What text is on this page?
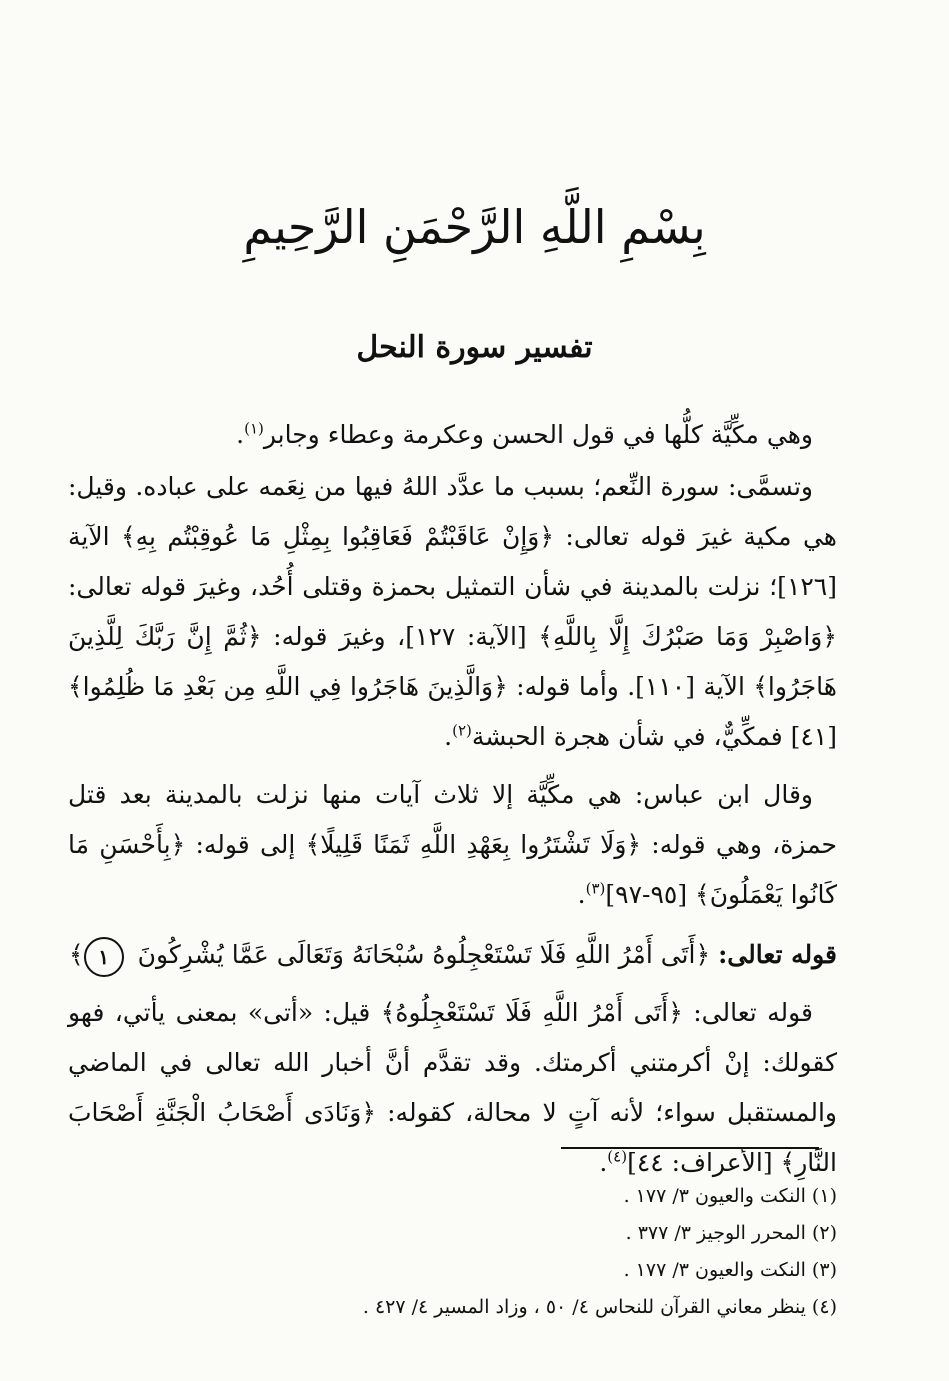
بِسْمِ اللَّهِ الرَّحْمَنِ الرَّحِيمِ
تفسير سورة النحل

وهي مكِّيَّة كلُّها في قول الحسن وعكرمة وعطاء وجابر$^{(١)}$.

وتسمَّى: سورة النِّعم؛ بسبب ما عدَّد اللهُ فيها من نِعَمه على عباده. وقيل: هي مكية غيرَ قوله تعالى: ﴿وَإِنْ عَاقَبْتُمْ فَعَاقِبُوا بِمِثْلِ مَا عُوقِبْتُم بِهِ﴾ الآية [١٢٦]؛ نزلت بالمدينة في شأن التمثيل بحمزة وقتلى أُحُد، وغيرَ قوله تعالى: ﴿وَاصْبِرْ وَمَا صَبْرُكَ إِلَّا بِاللَّهِ﴾ [الآية: ١٢٧]، وغيرَ قوله: ﴿ثُمَّ إِنَّ رَبَّكَ لِلَّذِينَ هَاجَرُوا﴾ الآية [١١٠]. وأما قوله: ﴿وَالَّذِينَ هَاجَرُوا فِي اللَّهِ مِن بَعْدِ مَا ظُلِمُوا﴾ [٤١] فمكِّيٌّ، في شأن هجرة الحبشة$^{(٢)}$.

وقال ابن عباس: هي مكِّيَّة إلا ثلاث آيات منها نزلت بالمدينة بعد قتل حمزة، وهي قوله: ﴿وَلَا تَشْتَرُوا بِعَهْدِ اللَّهِ ثَمَنًا قَلِيلًا﴾ إلى قوله: ﴿بِأَحْسَنِ مَا كَانُوا يَعْمَلُونَ﴾ [٩٥-٩٧]$^{(٣)}$.

قوله تعالى: ﴿أَتَى أَمْرُ اللَّهِ فَلَا تَسْتَعْجِلُوهُ سُبْحَانَهُ وَتَعَالَى عَمَّا يُشْرِكُونَ ١﴾

قوله تعالى: ﴿أَتَى أَمْرُ اللَّهِ فَلَا تَسْتَعْجِلُوهُ﴾ قيل: «أتى» بمعنى يأتي، فهو كقولك: إنْ أكرمتني أكرمتك. وقد تقدَّم أنَّ أخبار الله تعالى في الماضي والمستقبل سواء؛ لأنه آتٍ لا محالة، كقوله: ﴿وَنَادَى أَصْحَابُ الْجَنَّةِ أَصْحَابَ النَّارِ﴾ [الأعراف: ٤٤]$^{(٤)}$.

(١) النكت والعيون ٣/ ١٧٧ .
(٢) المحرر الوجيز ٣/ ٣٧٧ .
(٣) النكت والعيون ٣/ ١٧٧ .
(٤) ينظر معاني القرآن للنحاس ٤/ ٥٠ ، وزاد المسير ٤/ ٤٢٧ .
